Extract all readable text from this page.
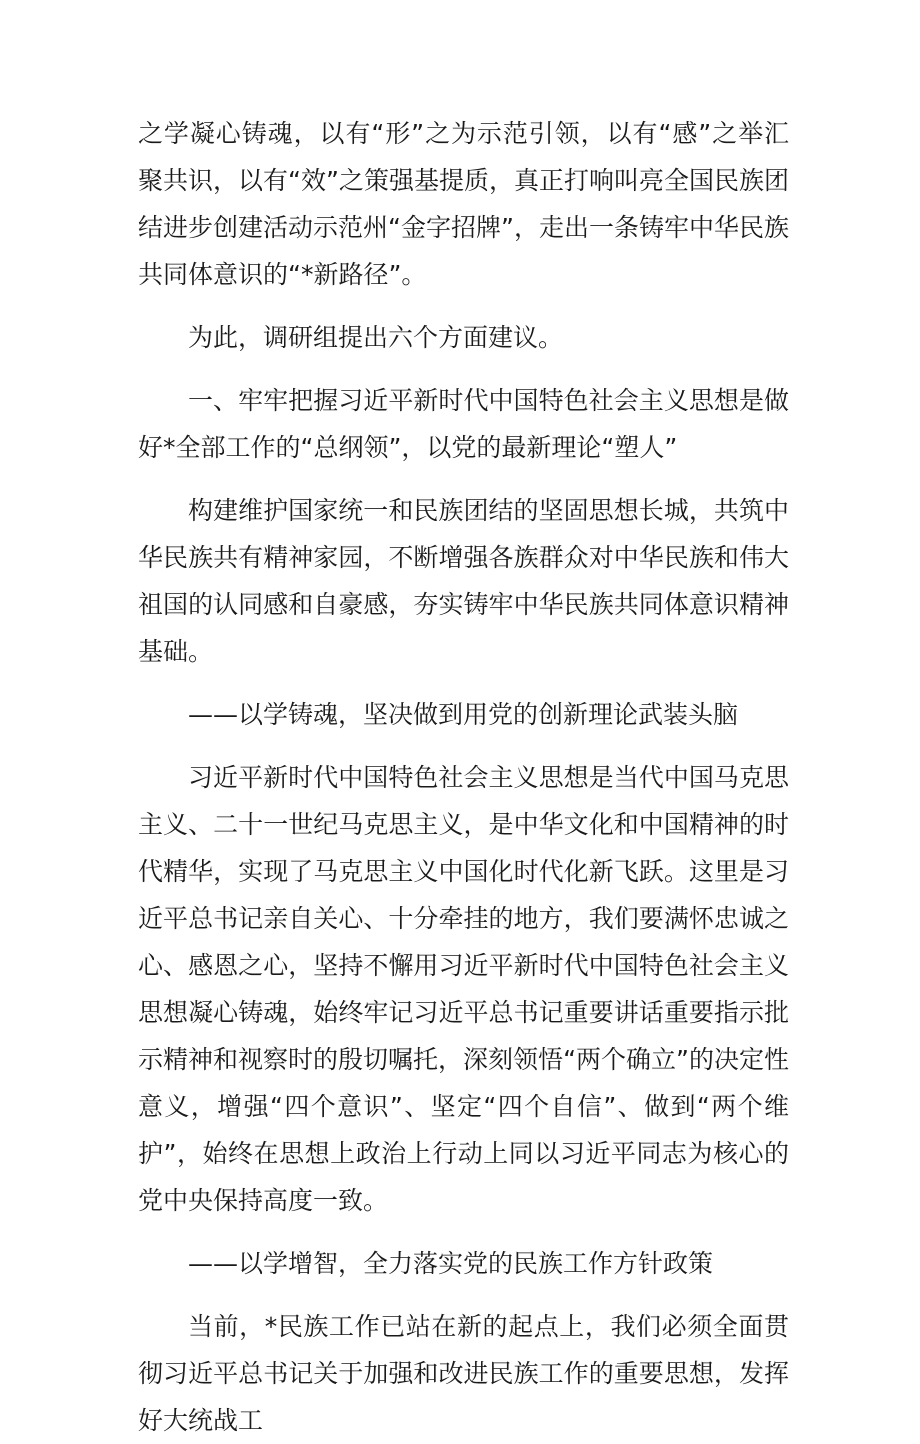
之学凝心铸魂，以有“形”之为示范引领，以有“感”之举汇聚共识，以有“效”之策强基提质，真正打响叫亮全国民族团结进步创建活动示范州“金字招牌”，走出一条铸牢中华民族共同体意识的“*新路径”。

为此，调研组提出六个方面建议。

一、牢牢把握习近平新时代中国特色社会主义思想是做好*全部工作的“总纲领”，以党的最新理论“塑人”

构建维护国家统一和民族团结的坚固思想长城，共筑中华民族共有精神家园，不断增强各族群众对中华民族和伟大祖国的认同感和自豪感，夯实铸牢中华民族共同体意识精神基础。

——以学铸魂，坚决做到用党的创新理论武装头脑

习近平新时代中国特色社会主义思想是当代中国马克思主义、二十一世纪马克思主义，是中华文化和中国精神的时代精华，实现了马克思主义中国化时代化新飞跃。这里是习近平总书记亲自关心、十分牵挂的地方，我们要满怀忠诚之心、感恩之心，坚持不懈用习近平新时代中国特色社会主义思想凝心铸魂，始终牢记习近平总书记重要讲话重要指示批示精神和视察时的殷切嘱托，深刻领悟“两个确立”的决定性意义，增强“四个意识”、坚定“四个自信”、做到“两个维护”，始终在思想上政治上行动上同以习近平同志为核心的党中央保持高度一致。

——以学增智，全力落实党的民族工作方针政策

当前，*民族工作已站在新的起点上，我们必须全面贯彻习近平总书记关于加强和改进民族工作的重要思想，发挥好大统战工
